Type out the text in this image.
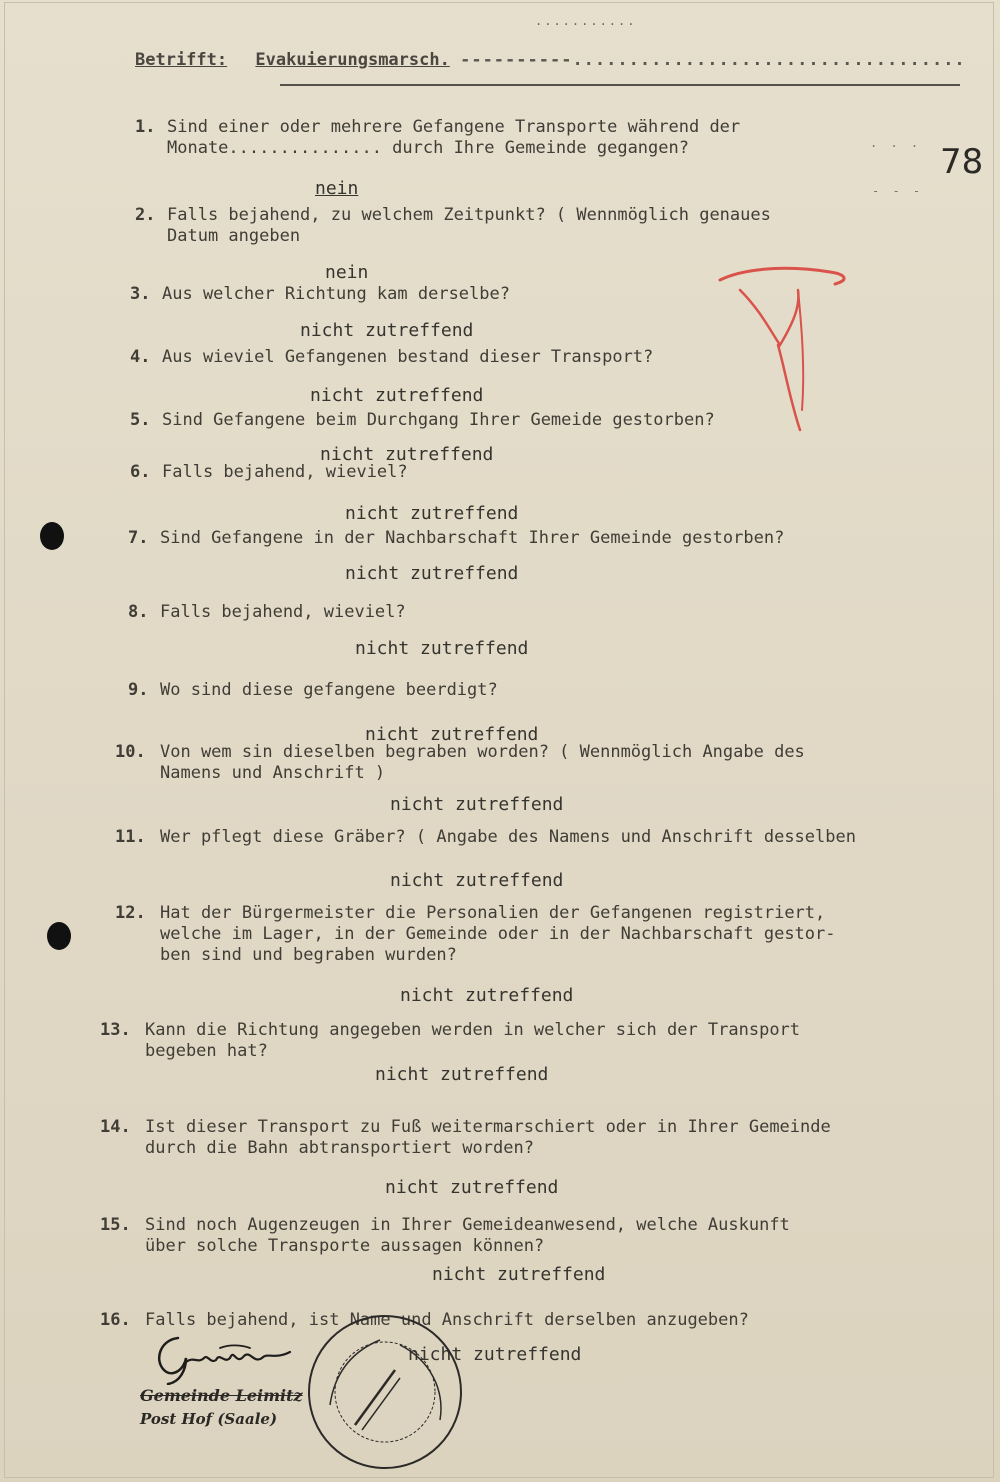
...........
Betrifft: Evakuierungsmarsch. ----------...................................
78
. . .
- - -
1. Sind einer oder mehrere Gefangene Transporte während der
Monate............... durch Ihre Gemeinde gegangen?
nein
2. Falls bejahend, zu welchem Zeitpunkt? ( Wennmöglich genaues
Datum angeben
nein
3. Aus welcher Richtung kam derselbe?
nicht zutreffend
4. Aus wieviel Gefangenen bestand dieser Transport?
nicht zutreffend
5. Sind Gefangene beim Durchgang Ihrer Gemeide gestorben?
nicht zutreffend
6. Falls bejahend, wieviel?
nicht zutreffend
7. Sind Gefangene in der Nachbarschaft Ihrer Gemeinde gestorben?
nicht zutreffend
8. Falls bejahend, wieviel?
nicht zutreffend
9. Wo sind diese gefangene beerdigt?
nicht zutreffend
10. Von wem sin dieselben begraben worden? ( Wennmöglich Angabe des
Namens und Anschrift )
nicht zutreffend
11. Wer pflegt diese Gräber? ( Angabe des Namens und Anschrift desselben
nicht zutreffend
12. Hat der Bürgermeister die Personalien der Gefangenen registriert,
welche im Lager, in der Gemeinde oder in der Nachbarschaft gestor-
ben sind und begraben wurden?
nicht zutreffend
13. Kann die Richtung angegeben werden in welcher sich der Transport
begeben hat?
nicht zutreffend
14. Ist dieser Transport zu Fuß weitermarschiert oder in Ihrer Gemeinde
durch die Bahn abtransportiert worden?
nicht zutreffend
15. Sind noch Augenzeugen in Ihrer Gemeideanwesend, welche Auskunft
über solche Transporte aussagen können?
nicht zutreffend
16. Falls bejahend, ist Name und Anschrift derselben anzugeben?
nicht zutreffend
Gemeinde Leimitz
Post Hof (Saale)
